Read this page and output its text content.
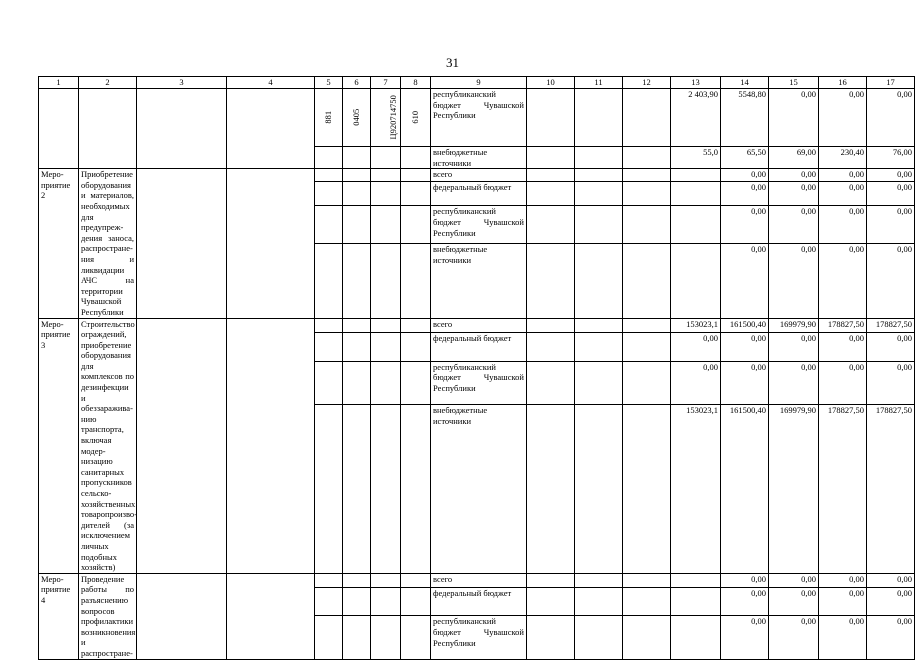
31
1	2	3	4	5	6	7	8	9	10	11	12	13	14	15	16	17
				881	0405	Ц920714750	610	республиканский бюджет Чувашской Республики				2 403,90	5548,80	0,00	0,00	0,00
								внебюджетные источники				55,0	65,50	69,00	230,40	76,00
Мероприятие 2	Приобретение оборудования и материалов, необходимых для предупреждения заноса, распространения и ликвидации АЧС на территории Чувашской Республики							всего					0,00	0,00	0,00	0,00
								федеральный бюджет					0,00	0,00	0,00	0,00
								республиканский бюджет Чувашской Республики					0,00	0,00	0,00	0,00
								внебюджетные источники					0,00	0,00	0,00	0,00
Мероприятие 3	Строительство ограждений, приобретение оборудования для комплексов по дезинфекции и обеззараживанию транспорта, включая модернизацию санитарных пропускников сельскохозяйственных товаропроизводителей (за исключением личных подобных хозяйств)							всего				153023,1	161500,40	169979,90	178827,50	178827,50
								федеральный бюджет				0,00	0,00	0,00	0,00	0,00
								республиканский бюджет Чувашской Республики				0,00	0,00	0,00	0,00	0,00
								внебюджетные источники				153023,1	161500,40	169979,90	178827,50	178827,50
Мероприятие 4	Проведение работы по разъяснению вопросов профилактики возникновения и распростране-							всего					0,00	0,00	0,00	0,00
								федеральный бюджет					0,00	0,00	0,00	0,00
								республиканский бюджет Чувашской Республики					0,00	0,00	0,00	0,00
